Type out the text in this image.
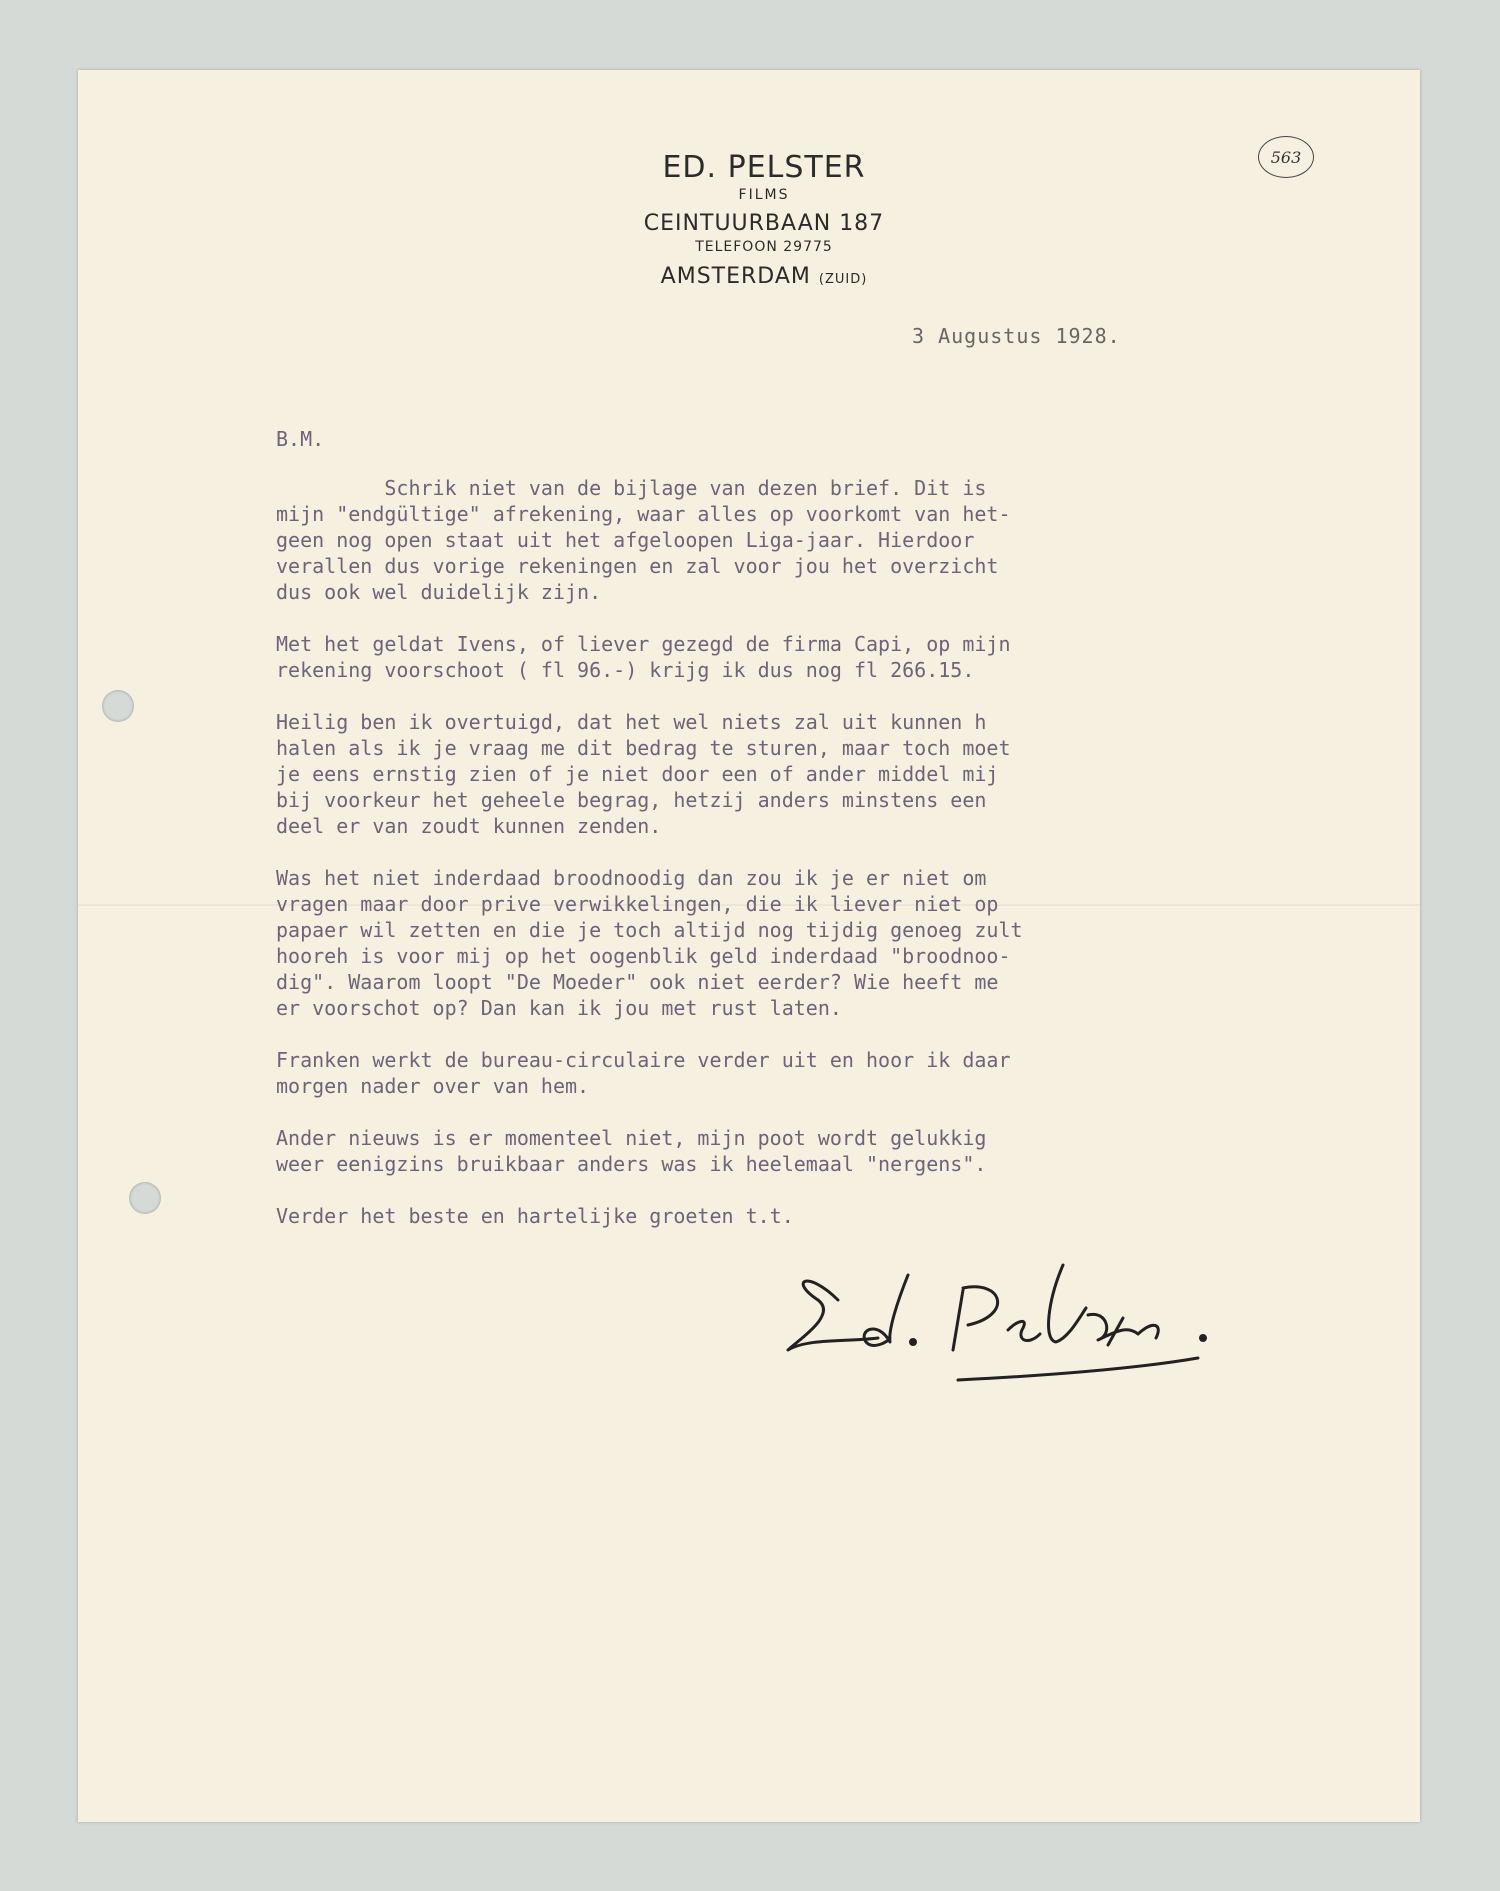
ED. PELSTER
FILMS
CEINTUURBAAN 187
TELEFOON 29775
AMSTERDAM (ZUID)
563
3 Augustus 1928.

B.M.

Schrik niet van de bijlage van dezen brief. Dit is
mijn "endgültige" afrekening, waar alles op voorkomt van het-
geen nog open staat uit het afgeloopen Liga-jaar. Hierdoor
verallen dus vorige rekeningen en zal voor jou het overzicht
dus ook wel duidelijk zijn.

Met het geldat Ivens, of liever gezegd de firma Capi, op mijn
rekening voorschoot ( fl 96.-) krijg ik dus nog fl 266.15.

Heilig ben ik overtuigd, dat het wel niets zal uit kunnen h
halen als ik je vraag me dit bedrag te sturen, maar toch moet
je eens ernstig zien of je niet door een of ander middel mij
bij voorkeur het geheele begrag, hetzij anders minstens een
deel er van zoudt kunnen zenden.

Was het niet inderdaad broodnoodig dan zou ik je er niet om
vragen maar door prive verwikkelingen, die ik liever niet op
papaer wil zetten en die je toch altijd nog tijdig genoeg zult
hooreh is voor mij op het oogenblik geld inderdaad "broodnoo-
dig". Waarom loopt "De Moeder" ook niet eerder? Wie heeft me
er voorschot op? Dan kan ik jou met rust laten.

Franken werkt de bureau-circulaire verder uit en hoor ik daar
morgen nader over van hem.

Ander nieuws is er momenteel niet, mijn poot wordt gelukkig
weer eenigzins bruikbaar anders was ik heelemaal "nergens".

Verder het beste en hartelijke groeten t.t.

Ed. Pelster.
